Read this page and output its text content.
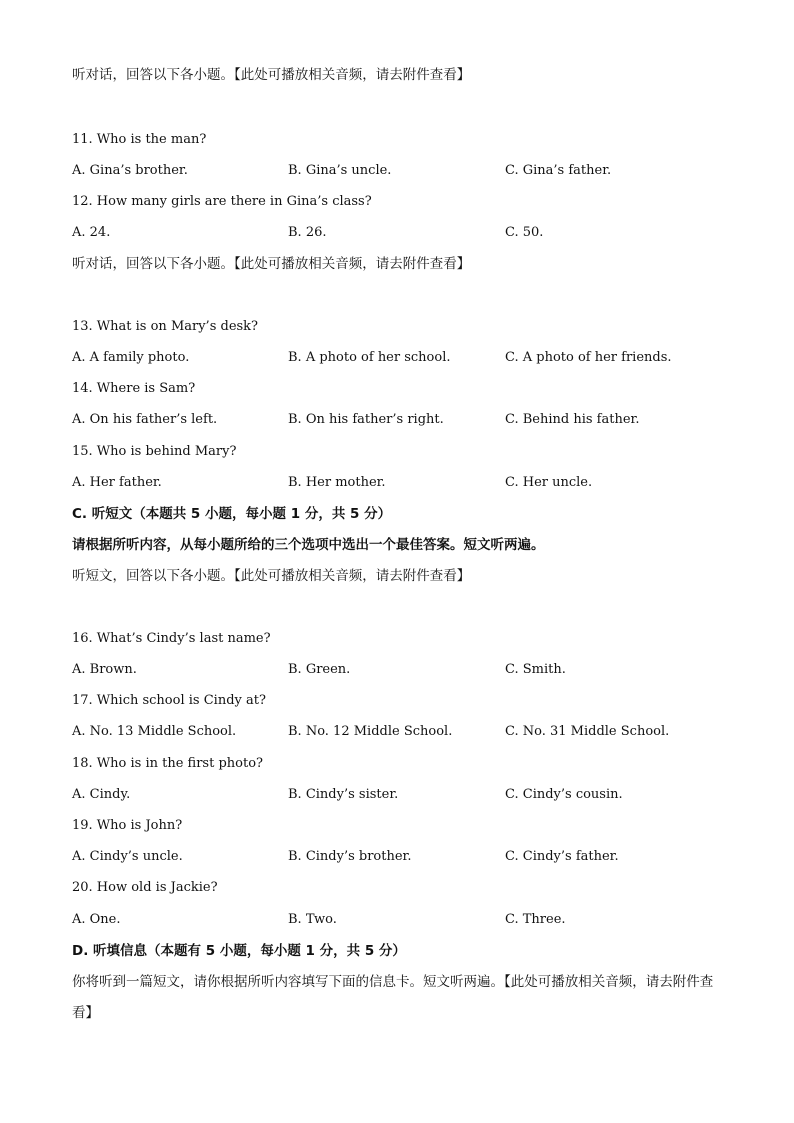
听对话，回答以下各小题。【此处可播放相关音频，请去附件查看】
11. Who is the man?
A. Gina’s brother.	B. Gina’s uncle.	C. Gina’s father.
12. How many girls are there in Gina’s class?
A. 24.	B. 26.	C. 50.
听对话，回答以下各小题。【此处可播放相关音频，请去附件查看】
13. What is on Mary’s desk?
A. A family photo.	B. A photo of her school.	C. A photo of her friends.
14. Where is Sam?
A. On his father’s left.	B. On his father’s right.	C. Behind his father.
15. Who is behind Mary?
A. Her father.	B. Her mother.	C. Her uncle.
C. 听短文（本题共 5 小题，每小题 1 分，共 5 分）
请根据所听内容，从每小题所给的三个选项中选出一个最佳答案。短文听两遍。
听短文，回答以下各小题。【此处可播放相关音频，请去附件查看】
16. What’s Cindy’s last name?
A. Brown.	B. Green.	C. Smith.
17. Which school is Cindy at?
A. No. 13 Middle School.	B. No. 12 Middle School.	C. No. 31 Middle School.
18. Who is in the first photo?
A. Cindy.	B. Cindy’s sister.	C. Cindy’s cousin.
19. Who is John?
A. Cindy’s uncle.	B. Cindy’s brother.	C. Cindy’s father.
20. How old is Jackie?
A. One.	B. Two.	C. Three.
D. 听填信息（本题有 5 小题，每小题 1 分，共 5 分）
你将听到一篇短文，请你根据所听内容填写下面的信息卡。短文听两遍。【此处可播放相关音频，请去附件查看】
